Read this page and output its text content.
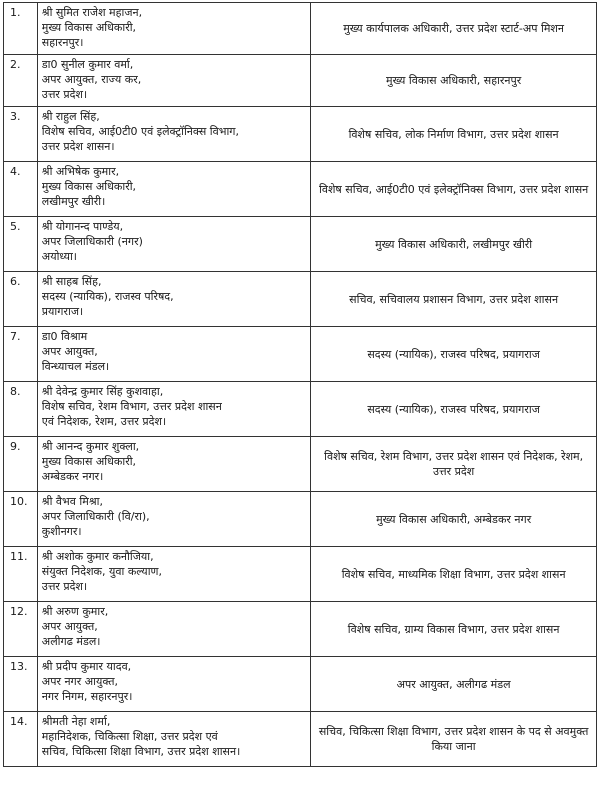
1.	श्री सुमित राजेश महाजन,
मुख्य विकास अधिकारी,
सहारनपुर।	मुख्य कार्यपालक अधिकारी, उत्तर प्रदेश स्टार्ट-अप मिशन
2.	डा0 सुनील कुमार वर्मा,
अपर आयुक्त, राज्य कर,
उत्तर प्रदेश।	मुख्य विकास अधिकारी, सहारनपुर
3.	श्री राहुल सिंह,
विशेष सचिव, आई0टी0 एवं इलेक्ट्रॉनिक्स विभाग,
उत्तर प्रदेश शासन।	विशेष सचिव, लोक निर्माण विभाग, उत्तर प्रदेश शासन
4.	श्री अभिषेक कुमार,
मुख्य विकास अधिकारी,
लखीमपुर खीरी।	विशेष सचिव, आई0टी0 एवं इलेक्ट्रॉनिक्स विभाग, उत्तर प्रदेश शासन
5.	श्री योगानन्द पाण्डेय,
अपर जिलाधिकारी (नगर)
अयोध्या।	मुख्य विकास अधिकारी, लखीमपुर खीरी
6.	श्री साहब सिंह,
सदस्य (न्यायिक), राजस्व परिषद,
प्रयागराज।	सचिव, सचिवालय प्रशासन विभाग, उत्तर प्रदेश शासन
7.	डा0 विश्राम
अपर आयुक्त,
विन्ध्याचल मंडल।	सदस्य (न्यायिक), राजस्व परिषद, प्रयागराज
8.	श्री देवेन्द्र कुमार सिंह कुशवाहा,
विशेष सचिव, रेशम विभाग, उत्तर प्रदेश शासन
एवं निदेशक, रेशम, उत्तर प्रदेश।	सदस्य (न्यायिक), राजस्व परिषद, प्रयागराज
9.	श्री आनन्द कुमार शुक्ला,
मुख्य विकास अधिकारी,
अम्बेडकर नगर।	विशेष सचिव, रेशम विभाग, उत्तर प्रदेश शासन एवं निदेशक, रेशम, उत्तर प्रदेश
10.	श्री वैभव मिश्रा,
अपर जिलाधिकारी (वि/रा),
कुशीनगर।	मुख्य विकास अधिकारी, अम्बेडकर नगर
11.	श्री अशोक कुमार कनौजिया,
संयुक्त निदेशक, युवा कल्याण,
उत्तर प्रदेश।	विशेष सचिव, माध्यमिक शिक्षा विभाग, उत्तर प्रदेश शासन
12.	श्री अरुण कुमार,
अपर आयुक्त,
अलीगढ मंडल।	विशेष सचिव, ग्राम्य विकास विभाग, उत्तर प्रदेश शासन
13.	श्री प्रदीप कुमार यादव,
अपर नगर आयुक्त,
नगर निगम, सहारनपुर।	अपर आयुक्त, अलीगढ मंडल
14.	श्रीमती नेहा शर्मा,
महानिदेशक, चिकित्सा शिक्षा, उत्तर प्रदेश एवं
सचिव, चिकित्सा शिक्षा विभाग, उत्तर प्रदेश शासन।	सचिव, चिकित्सा शिक्षा विभाग, उत्तर प्रदेश शासन के पद से अवमुक्त किया जाना
